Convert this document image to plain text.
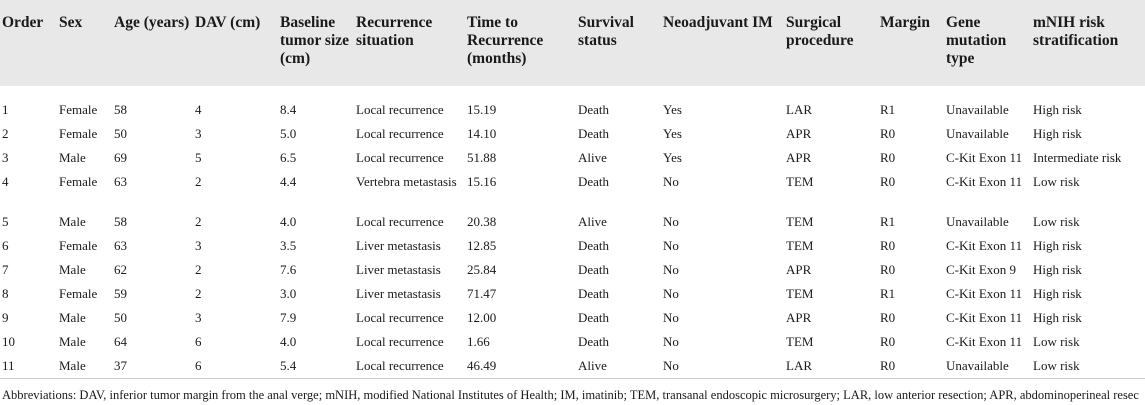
Order	Sex	Age (years)	DAV (cm)	Baseline tumor size (cm)	Recurrence situation	Time to Recurrence (months)	Survival status	Neoadjuvant IM	Surgical procedure	Margin	Gene mutation type	mNIH risk stratification
1	Female	58	4	8.4	Local recurrence	15.19	Death	Yes	LAR	R1	Unavailable	High risk
2	Female	50	3	5.0	Local recurrence	14.10	Death	Yes	APR	R0	Unavailable	High risk
3	Male	69	5	6.5	Local recurrence	51.88	Alive	Yes	APR	R0	C-Kit Exon 11	Intermediate risk
4	Female	63	2	4.4	Vertebra metastasis	15.16	Death	No	TEM	R0	C-Kit Exon 11	Low risk
5	Male	58	2	4.0	Local recurrence	20.38	Alive	No	TEM	R1	Unavailable	Low risk
6	Female	63	3	3.5	Liver metastasis	12.85	Death	No	TEM	R0	C-Kit Exon 11	High risk
7	Male	62	2	7.6	Liver metastasis	25.84	Death	No	APR	R0	C-Kit Exon 9	High risk
8	Female	59	2	3.0	Liver metastasis	71.47	Death	No	TEM	R1	C-Kit Exon 11	High risk
9	Male	50	3	7.9	Local recurrence	12.00	Death	No	APR	R0	C-Kit Exon 11	High risk
10	Male	64	6	4.0	Local recurrence	1.66	Death	No	TEM	R0	C-Kit Exon 11	Low risk
11	Male	37	6	5.4	Local recurrence	46.49	Alive	No	LAR	R0	Unavailable	Low risk
Abbreviations: DAV, inferior tumor margin from the anal verge; mNIH, modified National Institutes of Health; IM, imatinib; TEM, transanal endoscopic microsurgery; LAR, low anterior resection; APR, abdominoperineal resec
